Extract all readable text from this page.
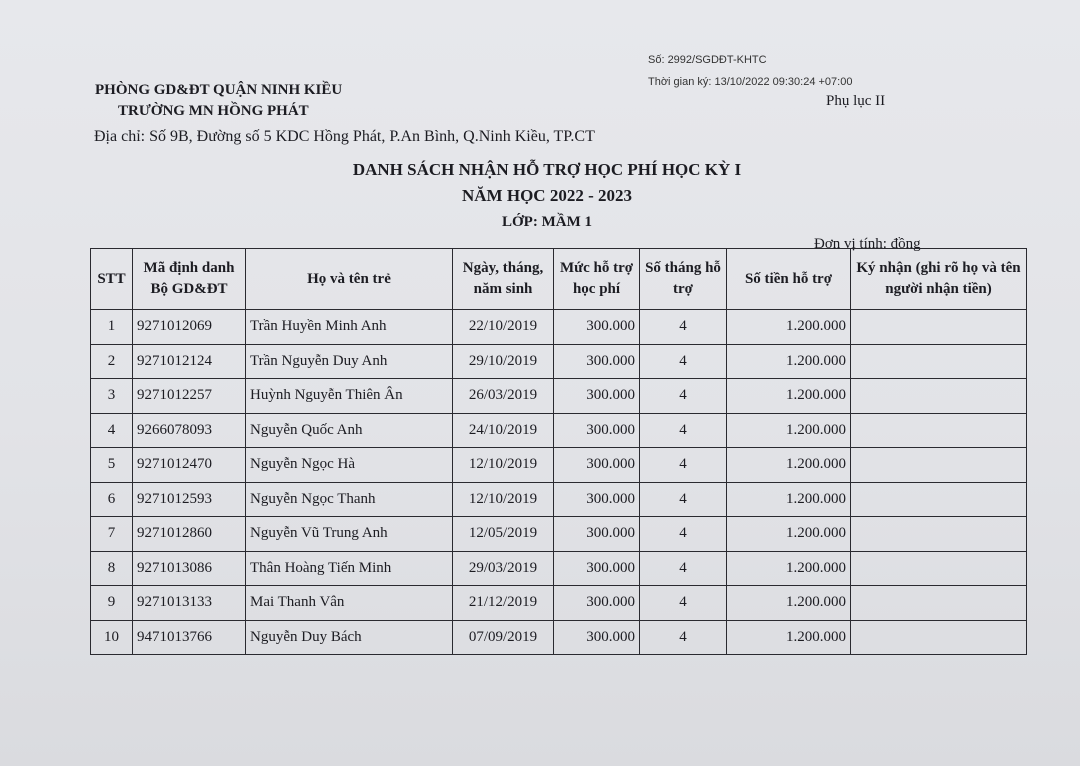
Số: 2992/SGDĐT-KHTC
Thời gian ký: 13/10/2022 09:30:24 +07:00
PHÒNG GD&ĐT QUẬN NINH KIỀU
TRƯỜNG MN HỒNG PHÁT
Phụ lục II
Địa chỉ: Số 9B, Đường số 5 KDC Hồng Phát, P.An Bình, Q.Ninh Kiều, TP.CT
DANH SÁCH NHẬN HỖ TRỢ HỌC PHÍ HỌC KỲ I
NĂM HỌC 2022 - 2023
LỚP: MẦM 1
Đơn vị tính: đồng
STT	Mã định danh Bộ GD&ĐT	Họ và tên trẻ	Ngày, tháng, năm sinh	Mức hỗ trợ học phí	Số tháng hỗ trợ	Số tiền hỗ trợ	Ký nhận (ghi rõ họ và tên người nhận tiền)
1	9271012069	Trần Huyền Minh Anh	22/10/2019	300.000	4	1.200.000	
2	9271012124	Trần Nguyễn Duy Anh	29/10/2019	300.000	4	1.200.000	
3	9271012257	Huỳnh Nguyễn Thiên Ân	26/03/2019	300.000	4	1.200.000	
4	9266078093	Nguyễn Quốc Anh	24/10/2019	300.000	4	1.200.000	
5	9271012470	Nguyễn Ngọc Hà	12/10/2019	300.000	4	1.200.000	
6	9271012593	Nguyễn Ngọc Thanh	12/10/2019	300.000	4	1.200.000	
7	9271012860	Nguyễn Vũ Trung Anh	12/05/2019	300.000	4	1.200.000	
8	9271013086	Thân Hoàng Tiến Minh	29/03/2019	300.000	4	1.200.000	
9	9271013133	Mai Thanh Vân	21/12/2019	300.000	4	1.200.000	
10	9471013766	Nguyễn Duy Bách	07/09/2019	300.000	4	1.200.000	
